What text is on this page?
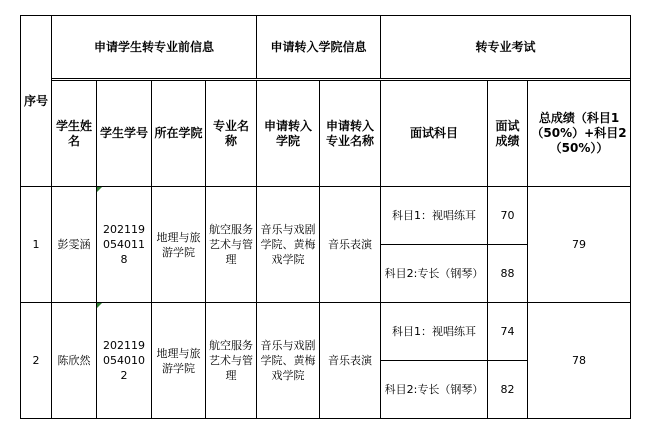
序号	申请学生转专业前信息				申请转入学院信息		转专业考试		

	学生姓名	学生学号	所在学院	专业名称	申请转入学院	申请转入专业名称	面试科目	面试成绩	总成绩（科目1（50%）+科目2（50%））
1	彭雯涵	2021190540118	地理与旅游学院	航空服务艺术与管理	音乐与戏剧学院、黄梅戏学院	音乐表演	科目1：视唱练耳	70	79
							科目2:专长（钢琴）	88	
2	陈欣然	2021190540102	地理与旅游学院	航空服务艺术与管理	音乐与戏剧学院、黄梅戏学院	音乐表演	科目1：视唱练耳	74	78
							科目2:专长（钢琴）	82	
